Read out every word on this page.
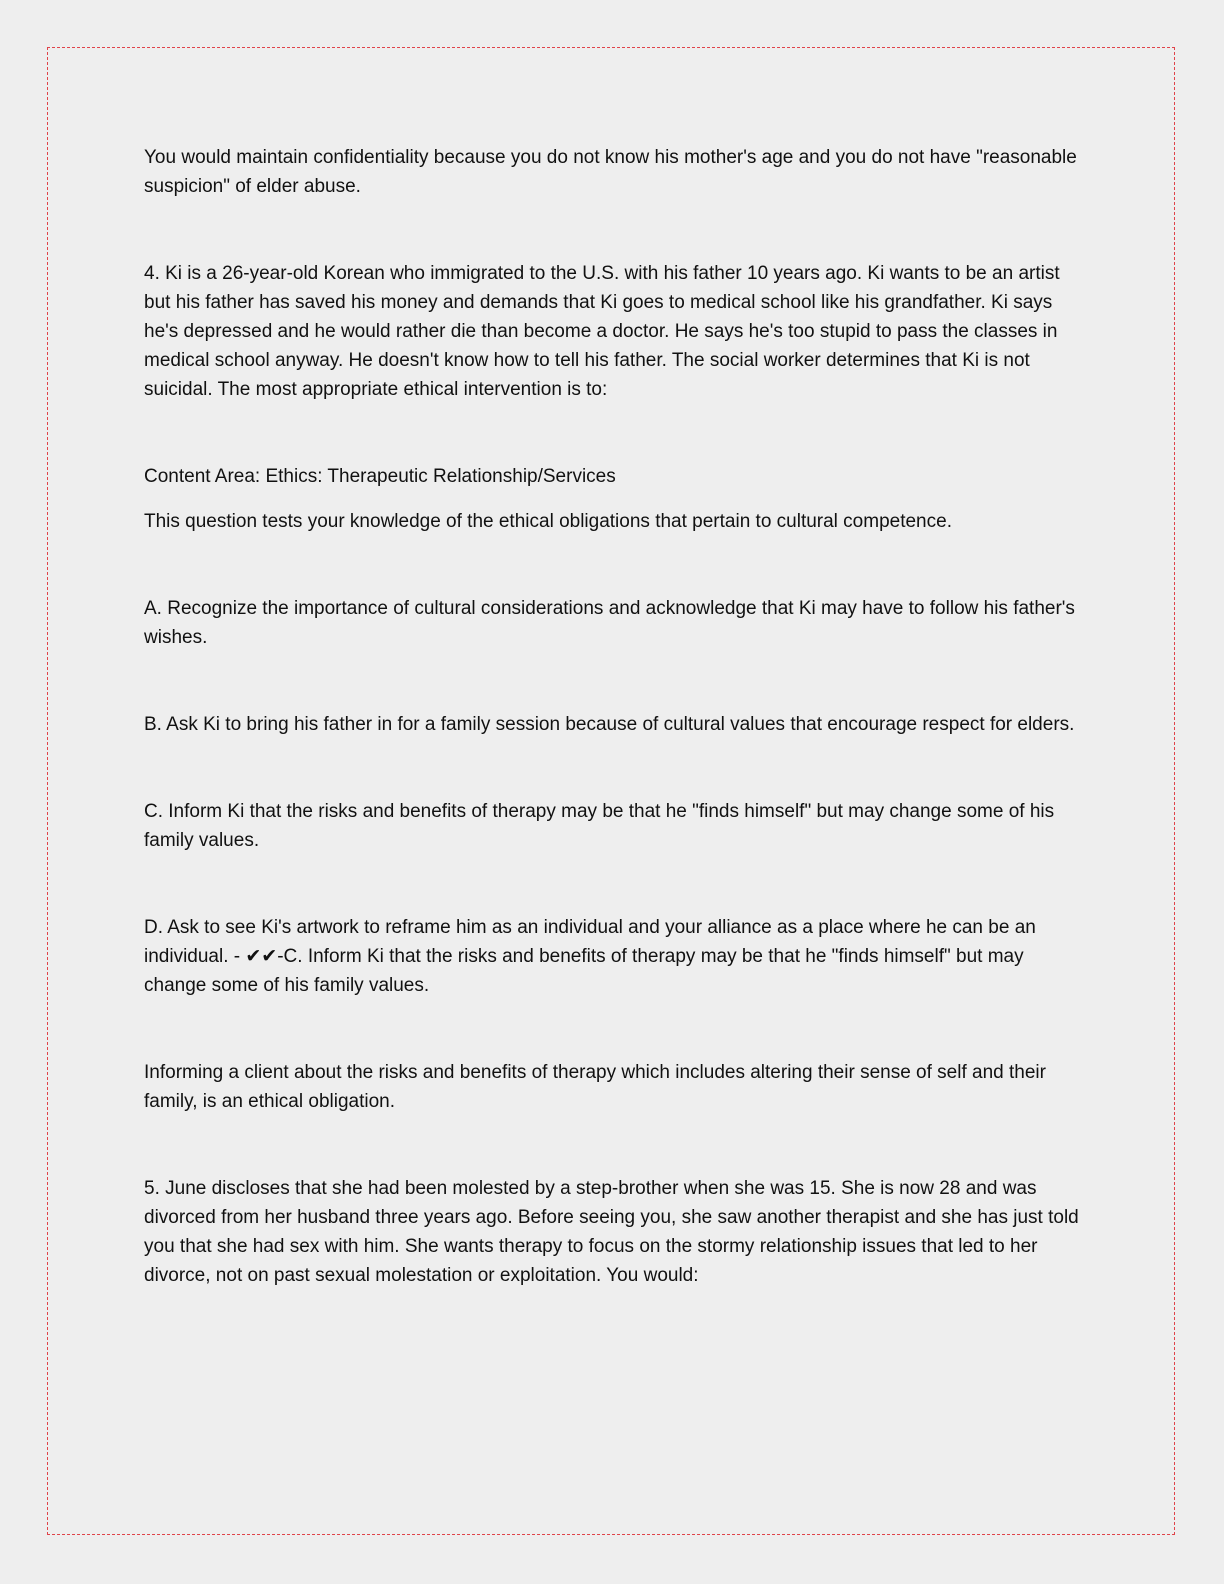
You would maintain confidentiality because you do not know his mother's age and you do not have "reasonable suspicion" of elder abuse.

4. Ki is a 26-year-old Korean who immigrated to the U.S. with his father 10 years ago. Ki wants to be an artist but his father has saved his money and demands that Ki goes to medical school like his grandfather. Ki says he's depressed and he would rather die than become a doctor. He says he's too stupid to pass the classes in medical school anyway. He doesn't know how to tell his father. The social worker determines that Ki is not suicidal. The most appropriate ethical intervention is to:

Content Area: Ethics: Therapeutic Relationship/Services

This question tests your knowledge of the ethical obligations that pertain to cultural competence.

A. Recognize the importance of cultural considerations and acknowledge that Ki may have to follow his father's wishes.

B. Ask Ki to bring his father in for a family session because of cultural values that encourage respect for elders.

C. Inform Ki that the risks and benefits of therapy may be that he "finds himself" but may change some of his family values.

D. Ask to see Ki's artwork to reframe him as an individual and your alliance as a place where he can be an individual. - ✔✔-C. Inform Ki that the risks and benefits of therapy may be that he "finds himself" but may change some of his family values.

Informing a client about the risks and benefits of therapy which includes altering their sense of self and their family, is an ethical obligation.

5. June discloses that she had been molested by a step-brother when she was 15. She is now 28 and was divorced from her husband three years ago. Before seeing you, she saw another therapist and she has just told you that she had sex with him. She wants therapy to focus on the stormy relationship issues that led to her divorce, not on past sexual molestation or exploitation. You would:
